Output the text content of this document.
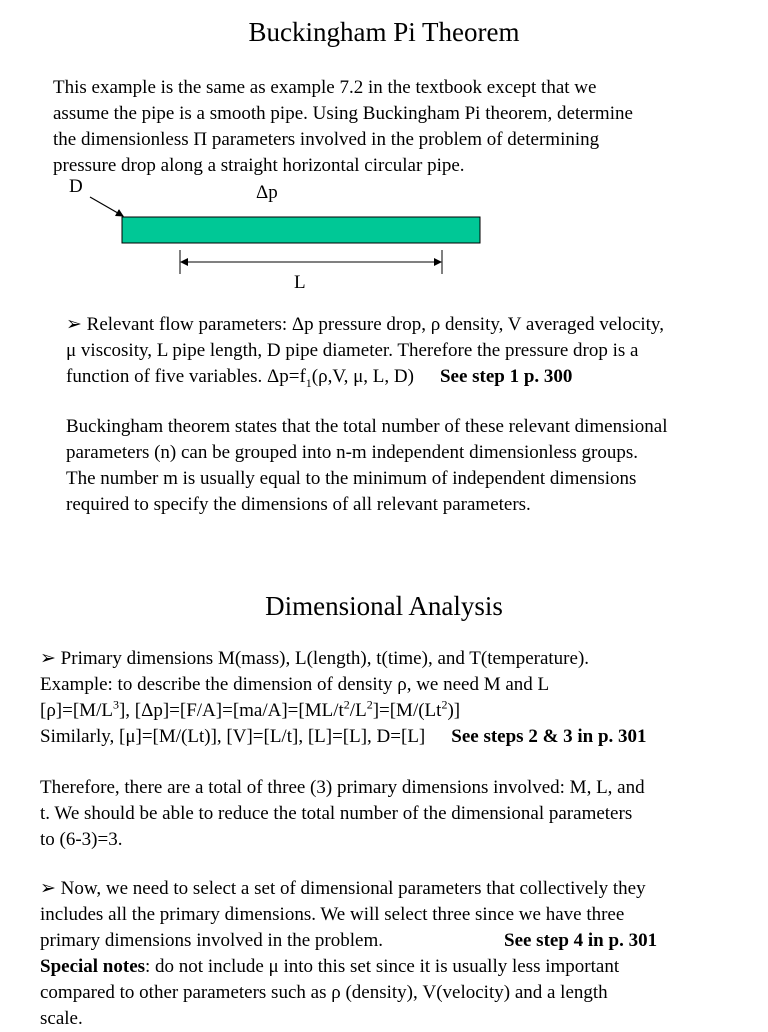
Buckingham Pi Theorem
This example is the same as example 7.2 in the textbook except that we
assume the pipe is a smooth pipe. Using Buckingham Pi theorem, determine
the dimensionless Π parameters involved in the problem of determining
pressure drop along a straight horizontal circular pipe.
D	Δp
L
➢ Relevant flow parameters: Δp pressure drop, ρ density, V averaged velocity,
μ viscosity, L pipe length, D pipe diameter. Therefore the pressure drop is a
function of five variables. $\Delta p=f_1(\rho,V$, μ, L, D) See step 1 p. 300
Buckingham theorem states that the total number of these relevant dimensional
parameters (n) can be grouped into n-m independent dimensionless groups.
The number m is usually equal to the minimum of independent dimensions
required to specify the dimensions of all relevant parameters.
Dimensional Analysis
➢ Primary dimensions M(mass), L(length), t(time), and T(temperature).
Example: to describe the dimension of density ρ, we need M and L
$[\rho]=[M/L^3]$, $[\Delta p]=[F/A]=[ma/A]=[ML/t^2/L^2]=[M/(Lt^2)]$
Similarly, [μ]=[M/(Lt)], [V]=[L/t], [L]=[L], D=[L] See steps 2 & 3 in p. 301
Therefore, there are a total of three (3) primary dimensions involved: M, L, and
t. We should be able to reduce the total number of the dimensional parameters
to (6-3)=3.
➢ Now, we need to select a set of dimensional parameters that collectively they
includes all the primary dimensions. We will select three since we have three
primary dimensions involved in the problem.	See step 4 in p. 301
Special notes: do not include μ into this set since it is usually less important
compared to other parameters such as ρ (density), V(velocity) and a length
scale.
